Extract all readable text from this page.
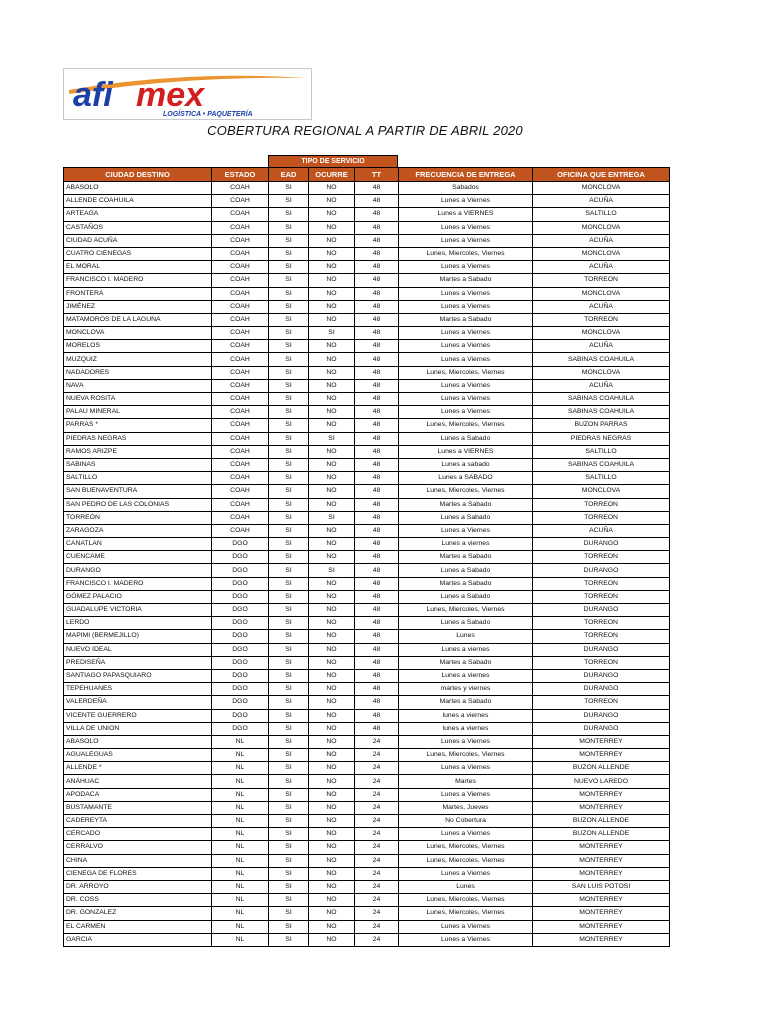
afi mex
LOGÍSTICA • PAQUETERÍA
COBERTURA REGIONAL A PARTIR DE ABRIL 2020
TIPO DE SERVICIO
CIUDAD DESTINO	ESTADO	EAD	OCURRE	TT	FRECUENCIA DE ENTREGA	OFICINA QUE ENTREGA
ABASOLO	COAH	SI	NO	48	Sabados	MONCLOVA
ALLENDE COAHUILA	COAH	SI	NO	48	Lunes a Viernes	ACUÑA
ARTEAGA	COAH	SI	NO	48	Lunes a VIERNES	SALTILLO
CASTAÑOS	COAH	SI	NO	48	Lunes a Viernes	MONCLOVA
CIUDAD ACUÑA	COAH	SI	NO	48	Lunes a Viernes	ACUÑA
CUATRO CIENEGAS	COAH	SI	NO	48	Lunes, Miercoles, Viernes	MONCLOVA
EL MORAL	COAH	SI	NO	48	Lunes a Viernes	ACUÑA
FRANCISCO I. MADERO	COAH	SI	NO	48	Martes a Sabado	TORREON
FRONTERA	COAH	SI	NO	48	Lunes a Viernes	MONCLOVA
JIMÉNEZ	COAH	SI	NO	48	Lunes a Viernes	ACUÑA
MATAMOROS DE LA LAGUNA	COAH	SI	NO	48	Martes a Sabado	TORREON
MONCLOVA	COAH	SI	SI	48	Lunes a Viernes	MONCLOVA
MORELOS	COAH	SI	NO	48	Lunes a Viernes	ACUÑA
MUZQUIZ	COAH	SI	NO	48	Lunes a Viernes	SABINAS COAHUILA
NADADORES	COAH	SI	NO	48	Lunes, Miercoles, Viernes	MONCLOVA
NAVA	COAH	SI	NO	48	Lunes a Viernes	ACUÑA
NUEVA ROSITA	COAH	SI	NO	48	Lunes a Viernes	SABINAS COAHUILA
PALAU MINERAL	COAH	SI	NO	48	Lunes a Viernes	SABINAS COAHUILA
PARRAS *	COAH	SI	NO	48	Lunes, Miercoles, Viernes	BUZON PARRAS
PIEDRAS NEGRAS	COAH	SI	SI	48	Lunes a Sabado	PIEDRAS NEGRAS
RAMOS ARIZPE	COAH	SI	NO	48	Lunes a VIERNES	SALTILLO
SABINAS	COAH	SI	NO	48	Lunes a sabado	SABINAS COAHUILA
SALTILLO	COAH	SI	NO	48	Lunes a SABADO	SALTILLO
SAN BUENAVENTURA	COAH	SI	NO	48	Lunes, Miercoles, Viernes	MONCLOVA
SAN PEDRO DE LAS COLONIAS	COAH	SI	NO	48	Martes a Sabado	TORREON
TORREÓN	COAH	SI	SI	48	Lunes a Sabado	TORREON
ZARAGOZA	COAH	SI	NO	48	Lunes a Viernes	ACUÑA
CANATLAN	DGO	SI	NO	48	Lunes a viernes	DURANGO
CUENCAME	DGO	SI	NO	48	Martes a Sabado	TORREON
DURANGO	DGO	SI	SI	48	Lunes a Sabado	DURANGO
FRANCISCO I. MADERO	DGO	SI	NO	48	Martes a Sabado	TORREON
GÓMEZ PALACIO	DGO	SI	NO	48	Lunes a Sabado	TORREON
GUADALUPE VICTORIA	DGO	SI	NO	48	Lunes, Miercoles, Viernes	DURANGO
LERDO	DGO	SI	NO	48	Lunes a Sabado	TORREON
MAPIMI (BERMEJILLO)	DGO	SI	NO	48	Lunes	TORREON
NUEVO IDEAL	DGO	SI	NO	48	Lunes a viernes	DURANGO
PREDISEÑA	DGO	SI	NO	48	Martes a Sabado	TORREON
SANTIAGO PAPASQUIARO	DGO	SI	NO	48	Lunes a viernes	DURANGO
TEPEHUANES	DGO	SI	NO	48	martes y viernes	DURANGO
VALERDEÑA	DGO	SI	NO	48	Martes a Sabado	TORREON
VICENTE GUERRERO	DGO	SI	NO	48	lunes a viernes	DURANGO
VILLA DE UNION	DGO	SI	NO	48	lunes a viernes	DURANGO
ABASOLO	NL	SI	NO	24	Lunes a Viernes	MONTERREY
AGUALEGUAS	NL	SI	NO	24	Lunes, Miercoles, Viernes	MONTERREY
ALLENDE *	NL	SI	NO	24	Lunes a Viernes	BUZON ALLENDE
ANÁHUAC	NL	SI	NO	24	Martes	NUEVO LAREDO
APODACA	NL	SI	NO	24	Lunes a Viernes	MONTERREY
BUSTAMANTE	NL	SI	NO	24	Martes, Jueves	MONTERREY
CADEREYTA	NL	SI	NO	24	No Cobertura	BUZON ALLENDE
CERCADO	NL	SI	NO	24	Lunes a Viernes	BUZON ALLENDE
CERRALVO	NL	SI	NO	24	Lunes, Miercoles, Viernes	MONTERREY
CHINA	NL	SI	NO	24	Lunes, Miercoles, Viernes	MONTERREY
CIENEGA DE FLORES	NL	SI	NO	24	Lunes a Viernes	MONTERREY
DR. ARROYO	NL	SI	NO	24	Lunes	SAN LUIS POTOSI
DR. COSS	NL	SI	NO	24	Lunes, Miercoles, Viernes	MONTERREY
DR. GONZALEZ	NL	SI	NO	24	Lunes, Miercoles, Viernes	MONTERREY
EL CARMEN	NL	SI	NO	24	Lunes a Viernes	MONTERREY
GARCIA	NL	SI	NO	24	Lunes a Viernes	MONTERREY
